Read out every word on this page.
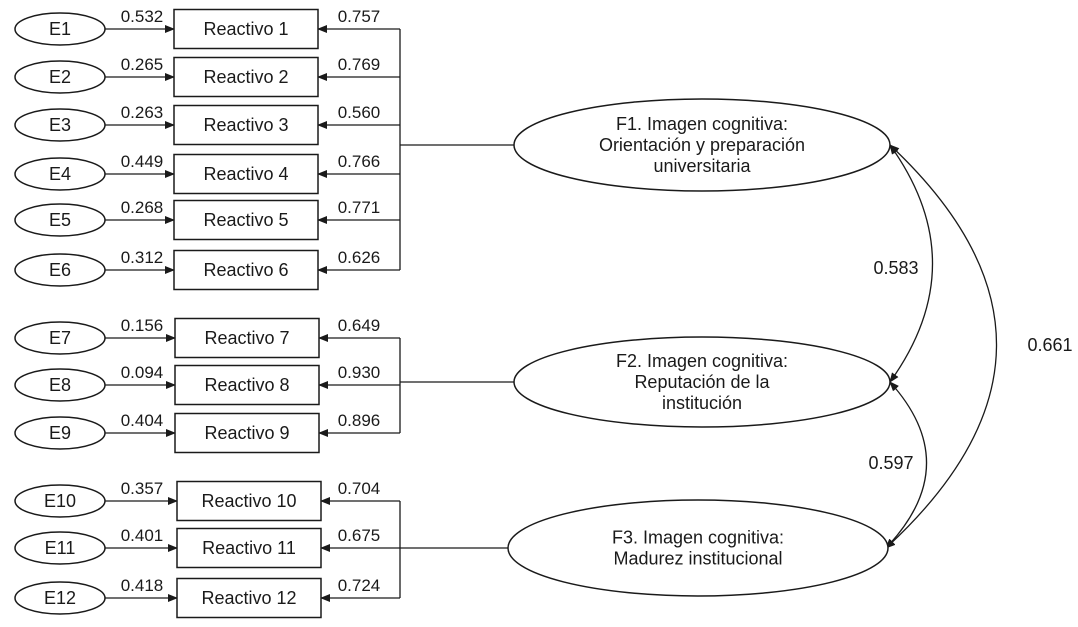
E1
0.532
E2
0.265
E3
0.263
E4
0.449
E5
0.268
E6
0.312
E7
0.156
E8
0.094
E9
0.404
E10
0.357
E11
0.401
E12
0.418
Reactivo 1
Reactivo 2
Reactivo 3
Reactivo 4
Reactivo 5
Reactivo 6
Reactivo 7
Reactivo 8
Reactivo 9
Reactivo 10
Reactivo 11
Reactivo 12
0.757
0.769
0.560
0.766
0.771
0.626
F1. Imagen cognitiva:
Orientación y preparación
universitaria
0.649
0.930
0.896
F2. Imagen cognitiva:
Reputación de la
institución
0.704
0.675
0.724
F3. Imagen cognitiva:
Madurez institucional
0.583
0.597
0.661
